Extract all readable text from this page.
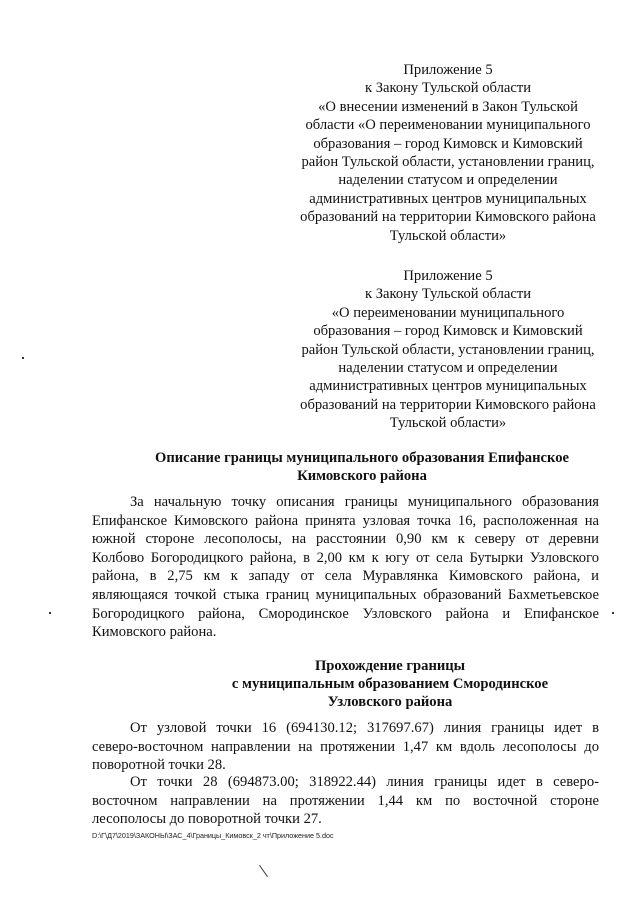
Приложение 5
к Закону Тульской области
«О внесении изменений в Закон Тульской
области «О переименовании муниципального
образования – город Кимовск и Кимовский
район Тульской области, установлении границ,
наделении статусом и определении
административных центров муниципальных
образований на территории Кимовского района
Тульской области»
Приложение 5
к Закону Тульской области
«О переименовании муниципального
образования – город Кимовск и Кимовский
район Тульской области, установлении границ,
наделении статусом и определении
административных центров муниципальных
образований на территории Кимовского района
Тульской области»
Описание границы муниципального образования Епифанское
Кимовского района
За начальную точку описания границы муниципального образования
Епифанское Кимовского района принята узловая точка 16, расположенная на
южной стороне лесополосы, на расстоянии 0,90 км к северу от деревни
Колбово Богородицкого района, в 2,00 км к югу от села Бутырки Узловского
района, в 2,75 км к западу от села Муравлянка Кимовского района, и
являющаяся точкой стыка границ муниципальных образований Бахметьевское
Богородицкого района, Смородинское Узловского района и Епифанское
Кимовского района.
Прохождение границы
с муниципальным образованием Смородинское
Узловского района
От узловой точки 16 (694130.12; 317697.67) линия границы идет в
северо-восточном направлении на протяжении 1,47 км вдоль лесополосы до
поворотной точки 28.
От точки 28 (694873.00; 318922.44) линия границы идет в северо-
восточном направлении на протяжении 1,44 км по восточной стороне
лесополосы до поворотной точки 27.
D:\Г\Д7\2019\ЗАКОНЫ\ЗАС_4\Границы_Кимовск_2 чт\Приложение 5.doc
